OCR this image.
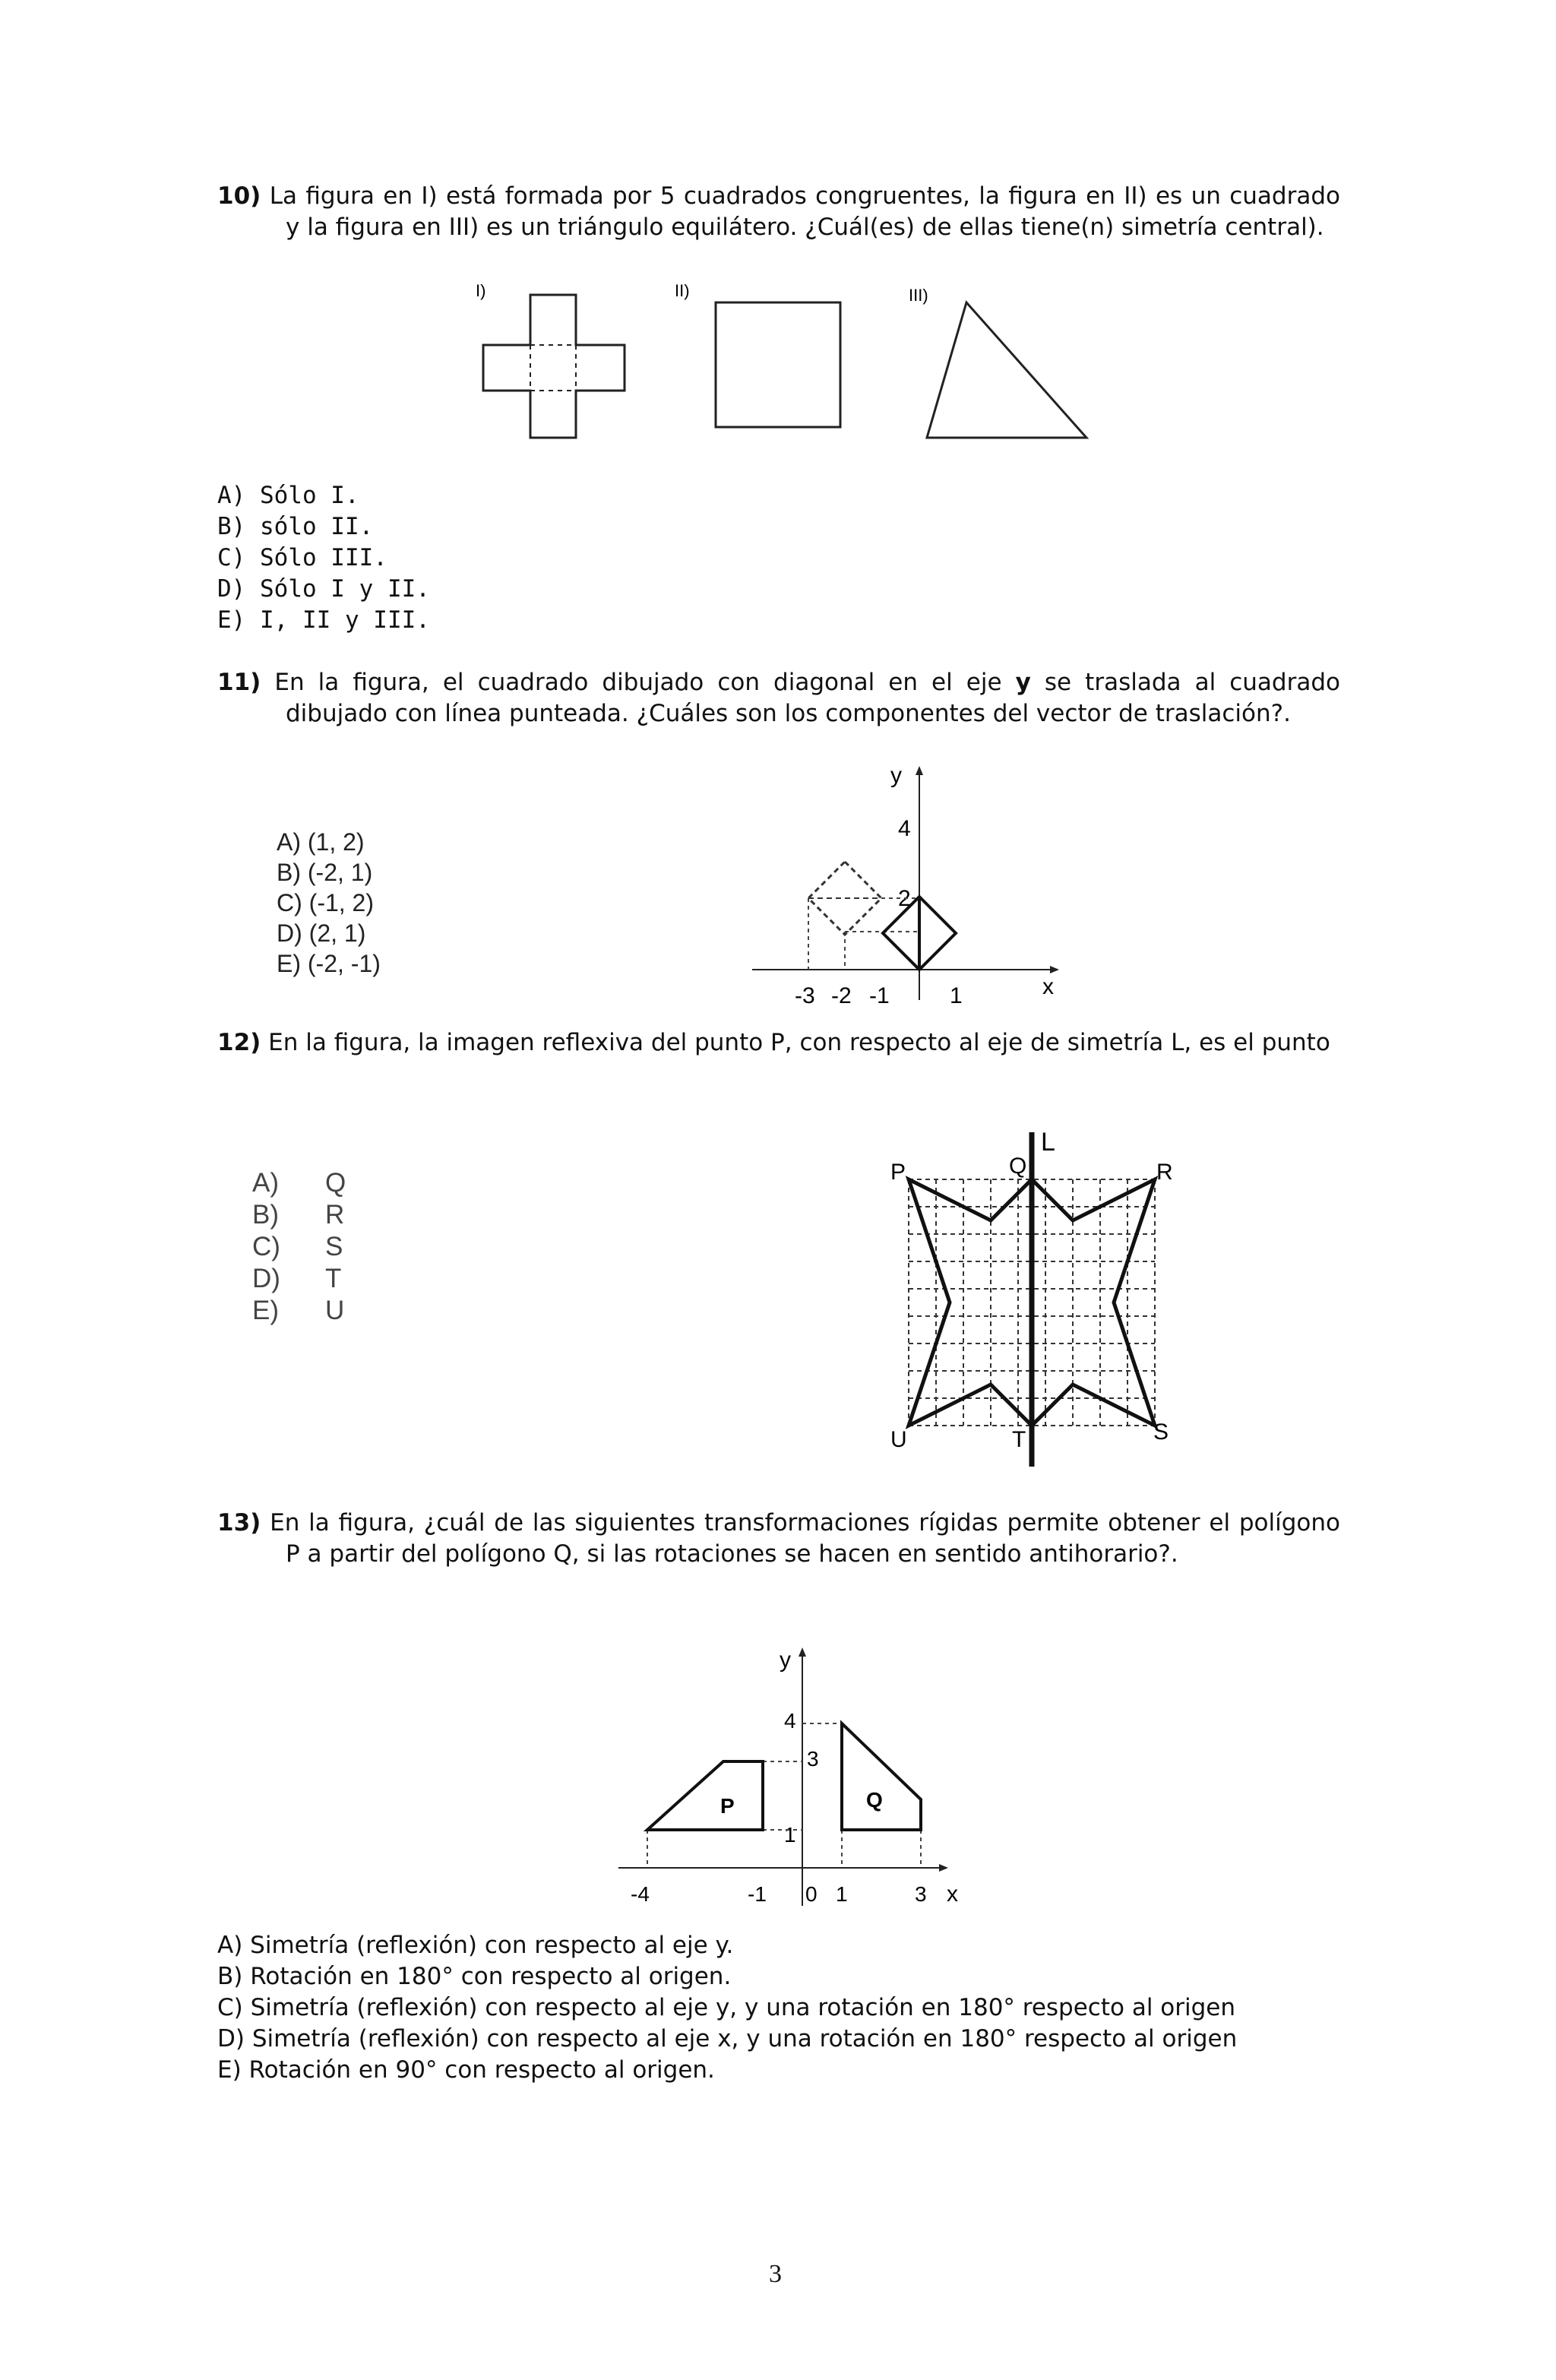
10) La figura en I) está formada por 5 cuadrados congruentes, la figura en II) es un cuadrado y la figura en III) es un triángulo equilátero. ¿Cuál(es) de ellas tiene(n) simetría central).
I)	II)	III)
A) Sólo I.
B) sólo II.
C) Sólo III.
D) Sólo I y II.
E) I, II y III.
11) En la figura, el cuadrado dibujado con diagonal en el eje y se traslada al cuadrado dibujado con línea punteada. ¿Cuáles son los componentes del vector de traslación?.
A) (1, 2)
B) (-2, 1)
C) (-1, 2)
D) (2, 1)
E) (-2, -1)
y
x
4
2
-3 -2 -1	1
12) En la figura, la imagen reflexiva del punto P, con respecto al eje de simetría L, es el punto
A) Q
B) R
C) S
D) T
E) U
L
P	Q	R
S
T
U
13) En la figura, ¿cuál de las siguientes transformaciones rígidas permite obtener el polígono P a partir del polígono Q, si las rotaciones se hacen en sentido antihorario?.
y
x
-4	-1 0 1	3
4
3
1
P	Q
A) Simetría (reflexión) con respecto al eje y.
B) Rotación en 180° con respecto al origen.
C) Simetría (reflexión) con respecto al eje y, y una rotación en 180° respecto al origen
D) Simetría (reflexión) con respecto al eje x, y una rotación en 180° respecto al origen
E) Rotación en 90° con respecto al origen.
3
